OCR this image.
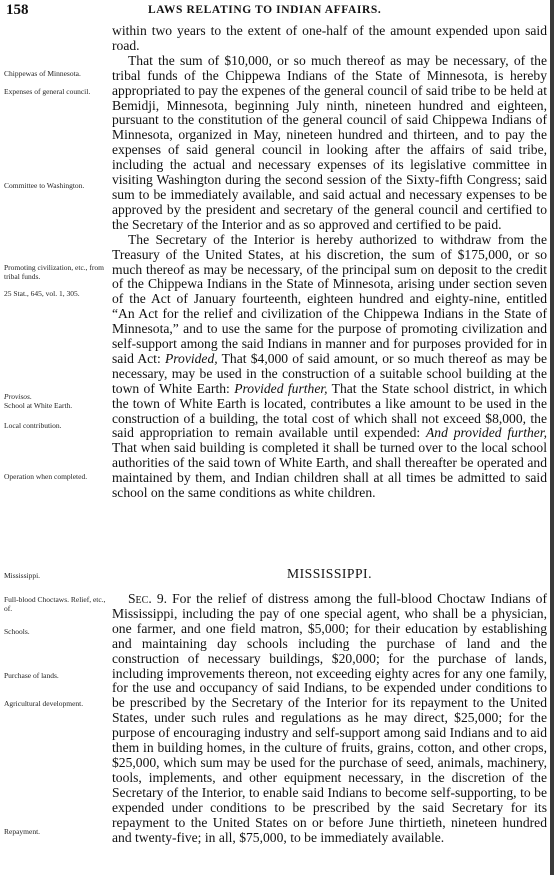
158	LAWS RELATING TO INDIAN AFFAIRS.
Chippewas of Minnesota.
Expenses of general council.
Committee to Washington.
Promoting civilization, etc., from tribal funds.
25 Stat., 645, vol. 1, 305.
Provisos.
School at White Earth.
Local contribution.
Operation when completed.
Mississippi.
Full-blood Choctaws. Relief, etc., of.
Schools.
Purchase of lands.
Agricultural development.
Repayment.

within two years to the extent of one-half of the amount expended upon said road.

That the sum of $10,000, or so much thereof as may be necessary, of the tribal funds of the Chippewa Indians of the State of Minnesota, is hereby appropriated to pay the expenes of the general council of said tribe to be held at Bemidji, Minnesota, beginning July ninth, nineteen hundred and eighteen, pursuant to the constitution of the general council of said Chippewa Indians of Minnesota, organized in May, nineteen hundred and thirteen, and to pay the expenses of said general council in looking after the affairs of said tribe, including the actual and necessary expenses of its legislative committee in visiting Washington during the second session of the Sixty-fifth Congress; said sum to be immediately available, and said actual and necessary expenses to be approved by the president and secretary of the general council and certified to the Secretary of the Interior and as so approved and certified to be paid.

The Secretary of the Interior is hereby authorized to withdraw from the Treasury of the United States, at his discretion, the sum of $175,000, or so much thereof as may be necessary, of the principal sum on deposit to the credit of the Chippewa Indians in the State of Minnesota, arising under section seven of the Act of January fourteenth, eighteen hundred and eighty-nine, entitled “An Act for the relief and civilization of the Chippewa Indians in the State of Minnesota,” and to use the same for the purpose of promoting civilization and self-support among the said Indians in manner and for purposes provided for in said Act: Provided, That $4,000 of said amount, or so much thereof as may be necessary, may be used in the construction of a suitable school building at the town of White Earth: Provided further, That the State school district, in which the town of White Earth is located, contributes a like amount to be used in the construction of a building, the total cost of which shall not exceed $8,000, the said appropriation to remain available until expended: And provided further, That when said building is completed it shall be turned over to the local school authorities of the said town of White Earth, and shall thereafter be operated and maintained by them, and Indian children shall at all times be admitted to said school on the same conditions as white children.

MISSISSIPPI.

Sec. 9. For the relief of distress among the full-blood Choctaw Indians of Mississippi, including the pay of one special agent, who shall be a physician, one farmer, and one field matron, $5,000; for their education by establishing and maintaining day schools including the purchase of land and the construction of necessary buildings, $20,000; for the purchase of lands, including improvements thereon, not exceeding eighty acres for any one family, for the use and occupancy of said Indians, to be expended under conditions to be prescribed by the Secretary of the Interior for its repayment to the United States, under such rules and regulations as he may direct, $25,000; for the purpose of encouraging industry and self-support among said Indians and to aid them in building homes, in the culture of fruits, grains, cotton, and other crops, $25,000, which sum may be used for the purchase of seed, animals, machinery, tools, implements, and other equipment necessary, in the discretion of the Secretary of the Interior, to enable said Indians to become self-supporting, to be expended under conditions to be prescribed by the said Secretary for its repayment to the United States on or before June thirtieth, nineteen hundred and twenty-five; in all, $75,000, to be immediately available.
